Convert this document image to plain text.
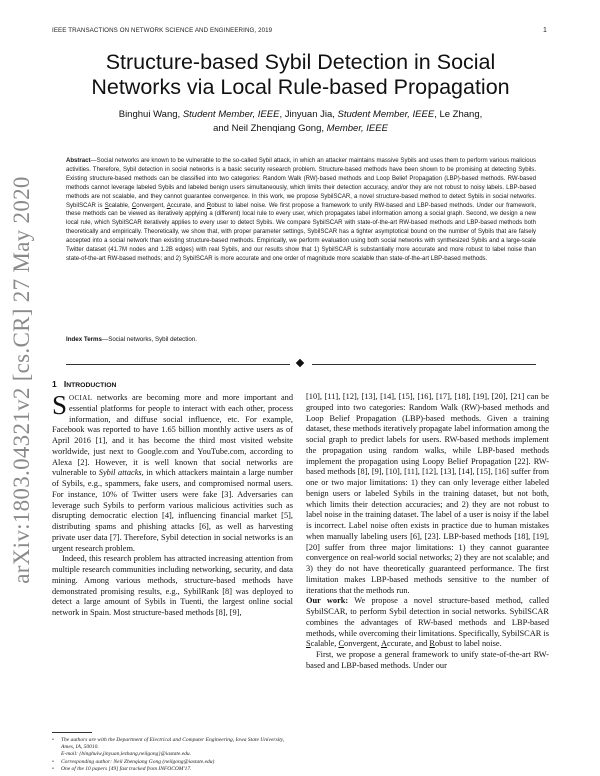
IEEE TRANSACTIONS ON NETWORK SCIENCE AND ENGINEERING, 2019	1
arXiv:1803.04321v2 [cs.CR] 27 May 2020
Structure-based Sybil Detection in Social
Networks via Local Rule-based Propagation
Binghui Wang, Student Member, IEEE, Jinyuan Jia, Student Member, IEEE, Le Zhang,
and Neil Zhenqiang Gong, Member, IEEE

Abstract—Social networks are known to be vulnerable to the so-called Sybil attack, in which an attacker maintains massive Sybils and uses them to perform various malicious activities. Therefore, Sybil detection in social networks is a basic security research problem. Structure-based methods have been shown to be promising at detecting Sybils. Existing structure-based methods can be classified into two categories: Random Walk (RW)-based methods and Loop Belief Propagation (LBP)-based methods. RW-based methods cannot leverage labeled Sybils and labeled benign users simultaneously, which limits their detection accuracy, and/or they are not robust to noisy labels. LBP-based methods are not scalable, and they cannot guarantee convergence. In this work, we propose SybilSCAR, a novel structure-based method to detect Sybils in social networks. SybilSCAR is Scalable, Convergent, Accurate, and Robust to label noise. We first propose a framework to unify RW-based and LBP-based methods. Under our framework, these methods can be viewed as iteratively applying a (different) local rule to every user, which propagates label information among a social graph. Second, we design a new local rule, which SybilSCAR iteratively applies to every user to detect Sybils. We compare SybilSCAR with state-of-the-art RW-based methods and LBP-based methods both theoretically and empirically. Theoretically, we show that, with proper parameter settings, SybilSCAR has a tighter asymptotical bound on the number of Sybils that are falsely accepted into a social network than existing structure-based methods. Empirically, we perform evaluation using both social networks with synthesized Sybils and a large-scale Twitter dataset (41.7M nodes and 1.2B edges) with real Sybils, and our results show that 1) SybilSCAR is substantially more accurate and more robust to label noise than state-of-the-art RW-based methods; and 2) SybilSCAR is more accurate and one order of magnitude more scalable than state-of-the-art LBP-based methods.

Index Terms—Social networks, Sybil detection.
1 INTRODUCTION

SOCIAL networks are becoming more and more important and essential platforms for people to interact with each other, process information, and diffuse social influence, etc. For example, Facebook was reported to have 1.65 billion monthly active users as of April 2016 [1], and it has become the third most visited website worldwide, just next to Google.com and YouTube.com, according to Alexa [2]. However, it is well known that social networks are vulnerable to Sybil attacks, in which attackers maintain a large number of Sybils, e.g., spammers, fake users, and compromised normal users. For instance, 10% of Twitter users were fake [3]. Adversaries can leverage such Sybils to perform various malicious activities such as disrupting democratic election [4], influencing financial market [5], distributing spams and phishing attacks [6], as well as harvesting private user data [7]. Therefore, Sybil detection in social networks is an urgent research problem.

Indeed, this research problem has attracted increasing attention from multiple research communities including networking, security, and data mining. Among various methods, structure-based methods have demonstrated promising results, e.g., SybilRank [8] was deployed to detect a large amount of Sybils in Tuenti, the largest online social network in Spain. Most structure-based methods [8], [9],

•	The authors are with the Department of Electrical and Computer Engineering, Iowa State University, Ames, IA, 50010.
E-mail: {binghuiw,jinyuan,lezhang,neilgong}@iastate.edu.
•	Corresponding author: Neil Zhenqiang Gong (neilgong@iastate.edu)
•	One of the 10 papers [49] fast tracked from INFOCOM'17.

[10], [11], [12], [13], [14], [15], [16], [17], [18], [19], [20], [21] can be grouped into two categories: Random Walk (RW)-based methods and Loop Belief Propagation (LBP)-based methods. Given a training dataset, these methods iteratively propagate label information among the social graph to predict labels for users. RW-based methods implement the propagation using random walks, while LBP-based methods implement the propagation using Loopy Belief Propagation [22]. RW-based methods [8], [9], [10], [11], [12], [13], [14], [15], [16] suffer from one or two major limitations: 1) they can only leverage either labeled benign users or labeled Sybils in the training dataset, but not both, which limits their detection accuracies; and 2) they are not robust to label noise in the training dataset. The label of a user is noisy if the label is incorrect. Label noise often exists in practice due to human mistakes when manually labeling users [6], [23]. LBP-based methods [18], [19], [20] suffer from three major limitations: 1) they cannot guarantee convergence on real-world social networks; 2) they are not scalable; and 3) they do not have theoretically guaranteed performance. The first limitation makes LBP-based methods sensitive to the number of iterations that the methods run.

Our work: We propose a novel structure-based method, called SybilSCAR, to perform Sybil detection in social networks. SybilSCAR combines the advantages of RW-based methods and LBP-based methods, while overcoming their limitations. Specifically, SybilSCAR is Scalable, Convergent, Accurate, and Robust to label noise.

First, we propose a general framework to unify state-of-the-art RW-based and LBP-based methods. Under our
